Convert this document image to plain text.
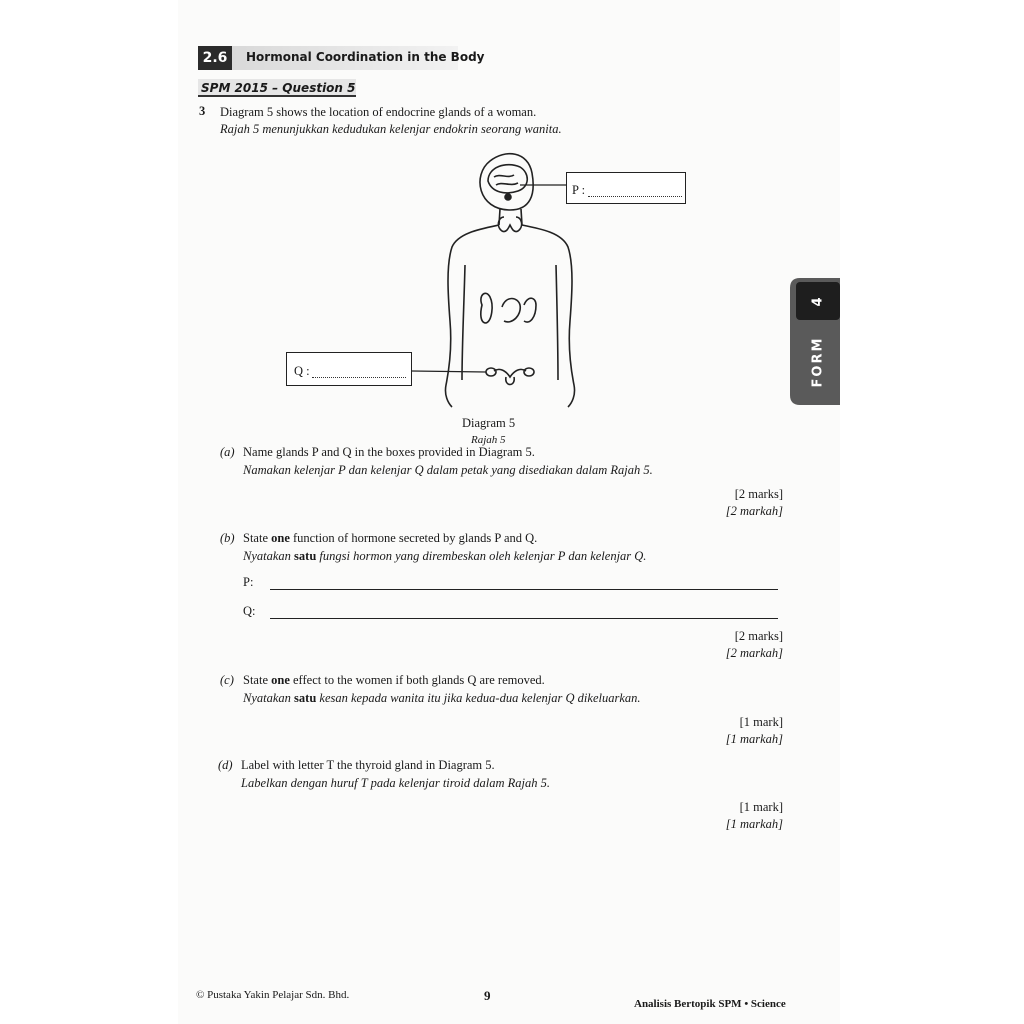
2.6	Hormonal Coordination in the Body
SPM 2015 – Question 5
3 Diagram 5 shows the location of endocrine glands of a woman.
Rajah 5 menunjukkan kedudukan kelenjar endokrin seorang wanita.
P :
Q :
Diagram 5
Rajah 5
(a) Name glands P and Q in the boxes provided in Diagram 5.
Namakan kelenjar P dan kelenjar Q dalam petak yang disediakan dalam Rajah 5.
[2 marks]
[2 markah]
(b) State one function of hormone secreted by glands P and Q.
Nyatakan satu fungsi hormon yang dirembeskan oleh kelenjar P dan kelenjar Q.
P:
Q:
[2 marks]
[2 markah]
(c) State one effect to the women if both glands Q are removed.
Nyatakan satu kesan kepada wanita itu jika kedua-dua kelenjar Q dikeluarkan.
[1 mark]
[1 markah]
(d) Label with letter T the thyroid gland in Diagram 5.
Labelkan dengan huruf T pada kelenjar tiroid dalam Rajah 5.
[1 mark]
[1 markah]
4
FORM
© Pustaka Yakin Pelajar Sdn. Bhd.	9
Analisis Bertopik SPM • Science
